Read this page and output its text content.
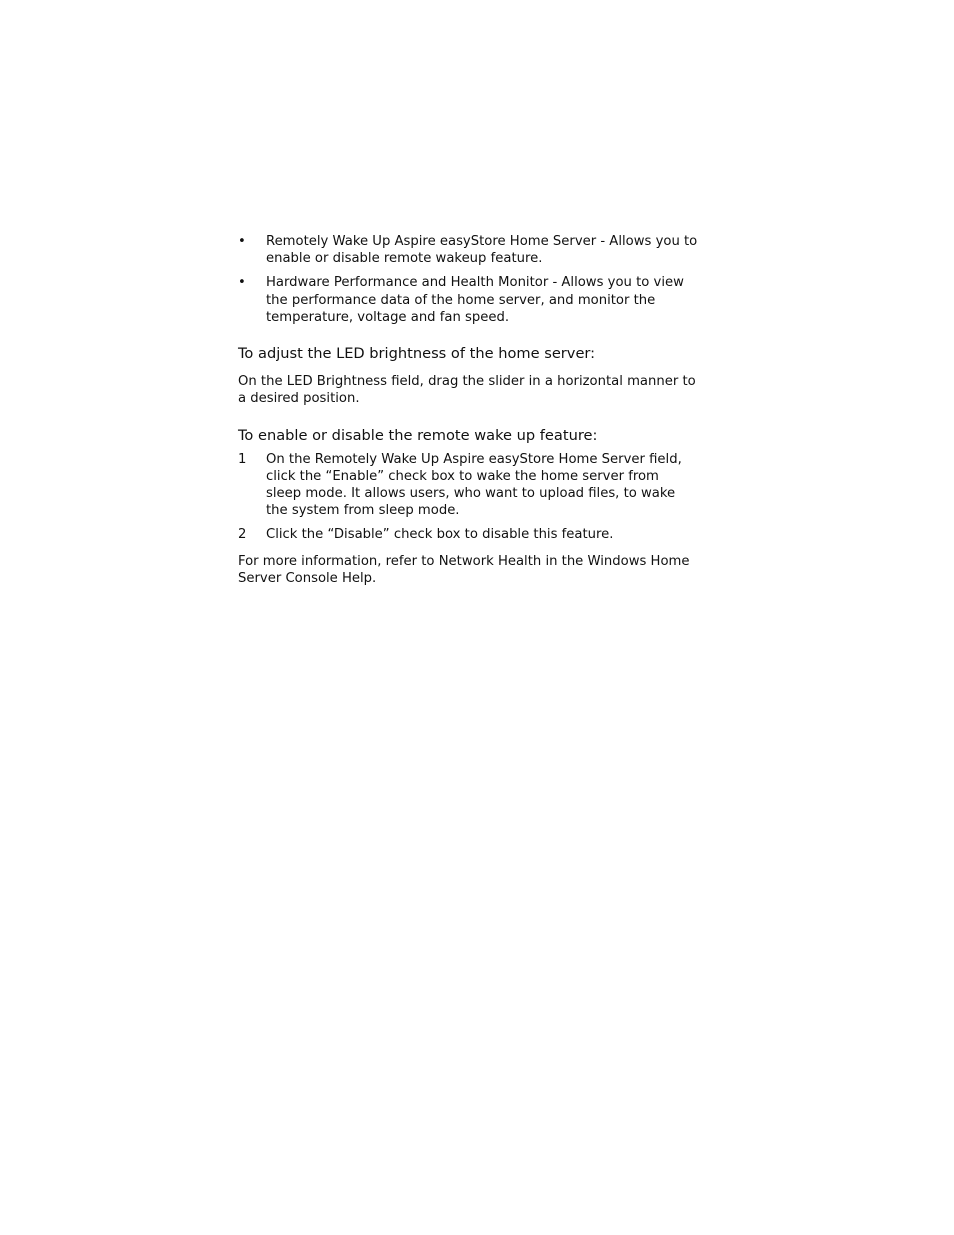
•	Remotely Wake Up Aspire easyStore Home Server - Allows you to enable or disable remote wakeup feature.
•	Hardware Performance and Health Monitor - Allows you to view the performance data of the home server, and monitor the temperature, voltage and fan speed.

To adjust the LED brightness of the home server:

On the LED Brightness field, drag the slider in a horizontal manner to a desired position.

To enable or disable the remote wake up feature:

1	On the Remotely Wake Up Aspire easyStore Home Server field, click the “Enable” check box to wake the home server from sleep mode. It allows users, who want to upload files, to wake the system from sleep mode.
2	Click the “Disable” check box to disable this feature.

For more information, refer to Network Health in the Windows Home Server Console Help.
